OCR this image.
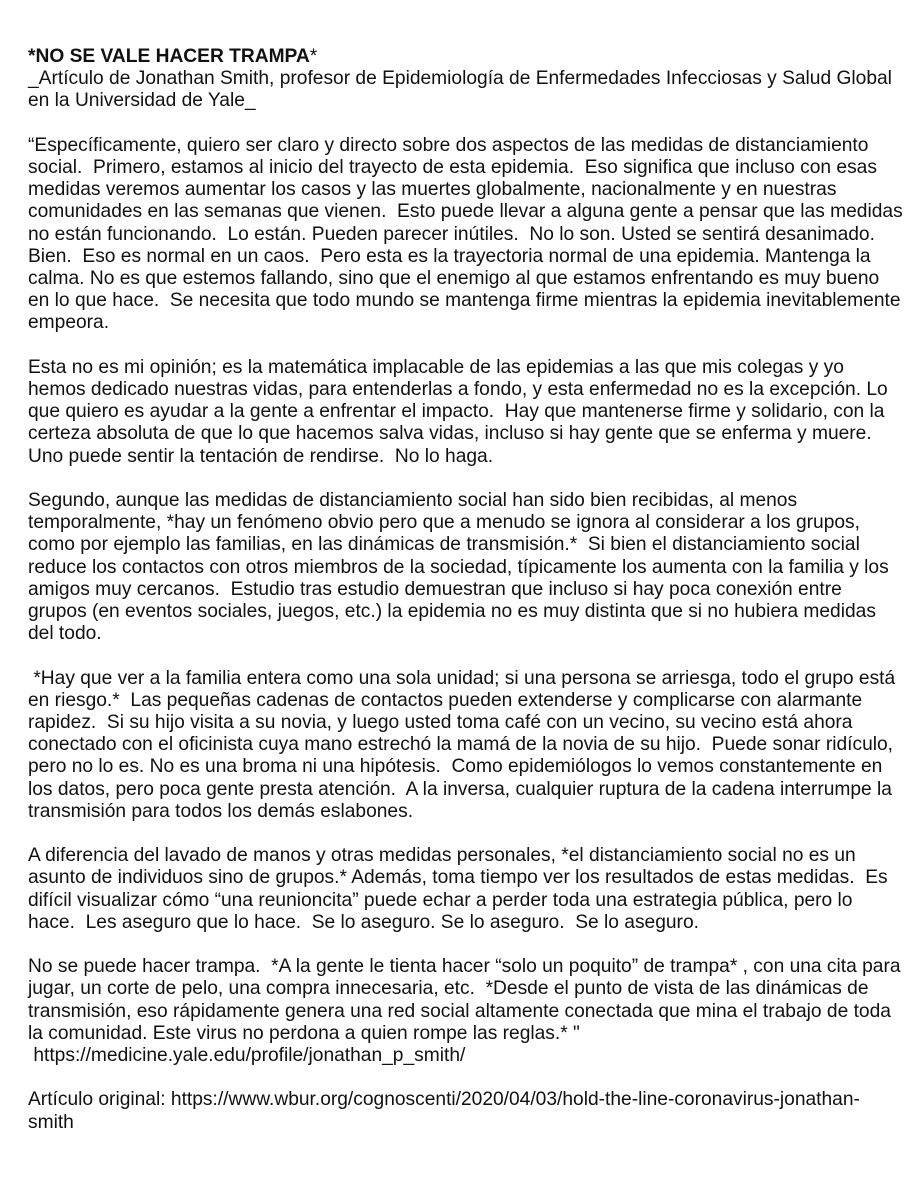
*NO SE VALE HACER TRAMPA*

_Artículo de Jonathan Smith, profesor de Epidemiología de Enfermedades Infecciosas y Salud Global en la Universidad de Yale_

“Específicamente, quiero ser claro y directo sobre dos aspectos de las medidas de distanciamiento social.  Primero, estamos al inicio del trayecto de esta epidemia.  Eso significa que incluso con esas medidas veremos aumentar los casos y las muertes globalmente, nacionalmente y en nuestras comunidades en las semanas que vienen.  Esto puede llevar a alguna gente a pensar que las medidas no están funcionando.  Lo están. Pueden parecer inútiles.  No lo son. Usted se sentirá desanimado.  Bien.  Eso es normal en un caos.  Pero esta es la trayectoria normal de una epidemia. Mantenga la calma. No es que estemos fallando, sino que el enemigo al que estamos enfrentando es muy bueno en lo que hace.  Se necesita que todo mundo se mantenga firme mientras la epidemia inevitablemente empeora.

Esta no es mi opinión; es la matemática implacable de las epidemias a las que mis colegas y yo hemos dedicado nuestras vidas, para entenderlas a fondo, y esta enfermedad no es la excepción. Lo que quiero es ayudar a la gente a enfrentar el impacto.  Hay que mantenerse firme y solidario, con la certeza absoluta de que lo que hacemos salva vidas, incluso si hay gente que se enferma y muere.  Uno puede sentir la tentación de rendirse.  No lo haga.

Segundo, aunque las medidas de distanciamiento social han sido bien recibidas, al menos temporalmente, *hay un fenómeno obvio pero que a menudo se ignora al considerar a los grupos, como por ejemplo las familias, en las dinámicas de transmisión.*  Si bien el distanciamiento social reduce los contactos con otros miembros de la sociedad, típicamente los aumenta con la familia y los amigos muy cercanos.  Estudio tras estudio demuestran que incluso si hay poca conexión entre grupos (en eventos sociales, juegos, etc.) la epidemia no es muy distinta que si no hubiera medidas del todo.

*Hay que ver a la familia entera como una sola unidad; si una persona se arriesga, todo el grupo está en riesgo.*  Las pequeñas cadenas de contactos pueden extenderse y complicarse con alarmante rapidez.  Si su hijo visita a su novia, y luego usted toma café con un vecino, su vecino está ahora conectado con el oficinista cuya mano estrechó la mamá de la novia de su hijo.  Puede sonar ridículo, pero no lo es. No es una broma ni una hipótesis.  Como epidemiólogos lo vemos constantemente en los datos, pero poca gente presta atención.  A la inversa, cualquier ruptura de la cadena interrumpe la transmisión para todos los demás eslabones.

A diferencia del lavado de manos y otras medidas personales, *el distanciamiento social no es un asunto de individuos sino de grupos.* Además, toma tiempo ver los resultados de estas medidas.  Es difícil visualizar cómo “una reunioncita” puede echar a perder toda una estrategia pública, pero lo hace.  Les aseguro que lo hace.  Se lo aseguro. Se lo aseguro.  Se lo aseguro.

No se puede hacer trampa.  *A la gente le tienta hacer “solo un poquito” de trampa* , con una cita para jugar, un corte de pelo, una compra innecesaria, etc.  *Desde el punto de vista de las dinámicas de transmisión, eso rápidamente genera una red social altamente conectada que mina el trabajo de toda la comunidad. Este virus no perdona a quien rompe las reglas.* "
https://medicine.yale.edu/profile/jonathan_p_smith/

Artículo original: https://www.wbur.org/cognoscenti/2020/04/03/hold-the-line-coronavirus-jonathan-smith
